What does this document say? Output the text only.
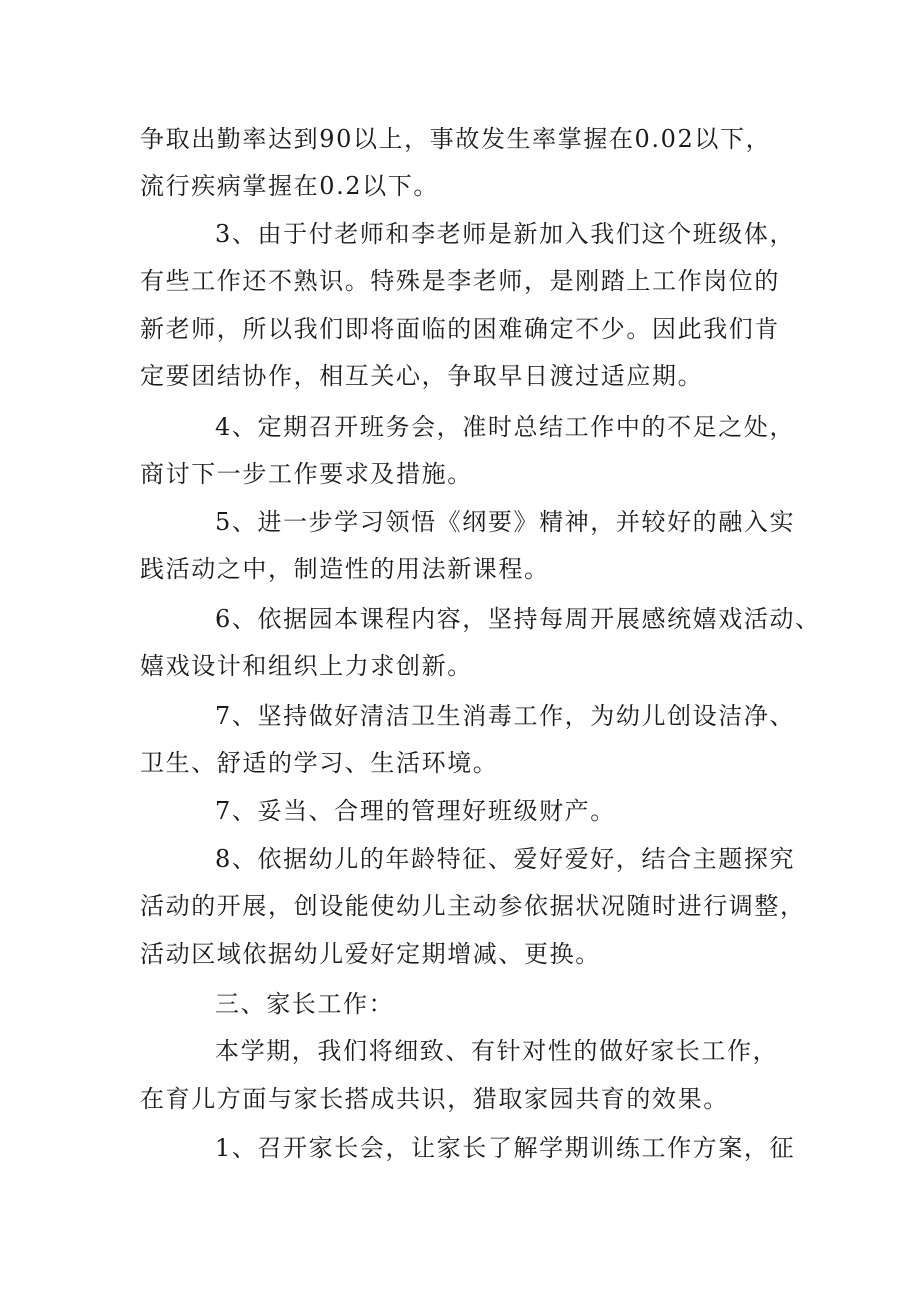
争取出勤率达到90以上，事故发生率掌握在0.02以下，
流行疾病掌握在0.2以下。
3、由于付老师和李老师是新加入我们这个班级体，
有些工作还不熟识。特殊是李老师，是刚踏上工作岗位的
新老师，所以我们即将面临的困难确定不少。因此我们肯
定要团结协作，相互关心，争取早日渡过适应期。
4、定期召开班务会，准时总结工作中的不足之处，
商讨下一步工作要求及措施。
5、进一步学习领悟《纲要》精神，并较好的融入实
践活动之中，制造性的用法新课程。
6、依据园本课程内容，坚持每周开展感统嬉戏活动、
嬉戏设计和组织上力求创新。
7、坚持做好清洁卫生消毒工作，为幼儿创设洁净、
卫生、舒适的学习、生活环境。
7、妥当、合理的管理好班级财产。
8、依据幼儿的年龄特征、爱好爱好，结合主题探究
活动的开展，创设能使幼儿主动参依据状况随时进行调整，
活动区域依据幼儿爱好定期增减、更换。
三、家长工作：
本学期，我们将细致、有针对性的做好家长工作，
在育儿方面与家长搭成共识，猎取家园共育的效果。
1、召开家长会，让家长了解学期训练工作方案，征
